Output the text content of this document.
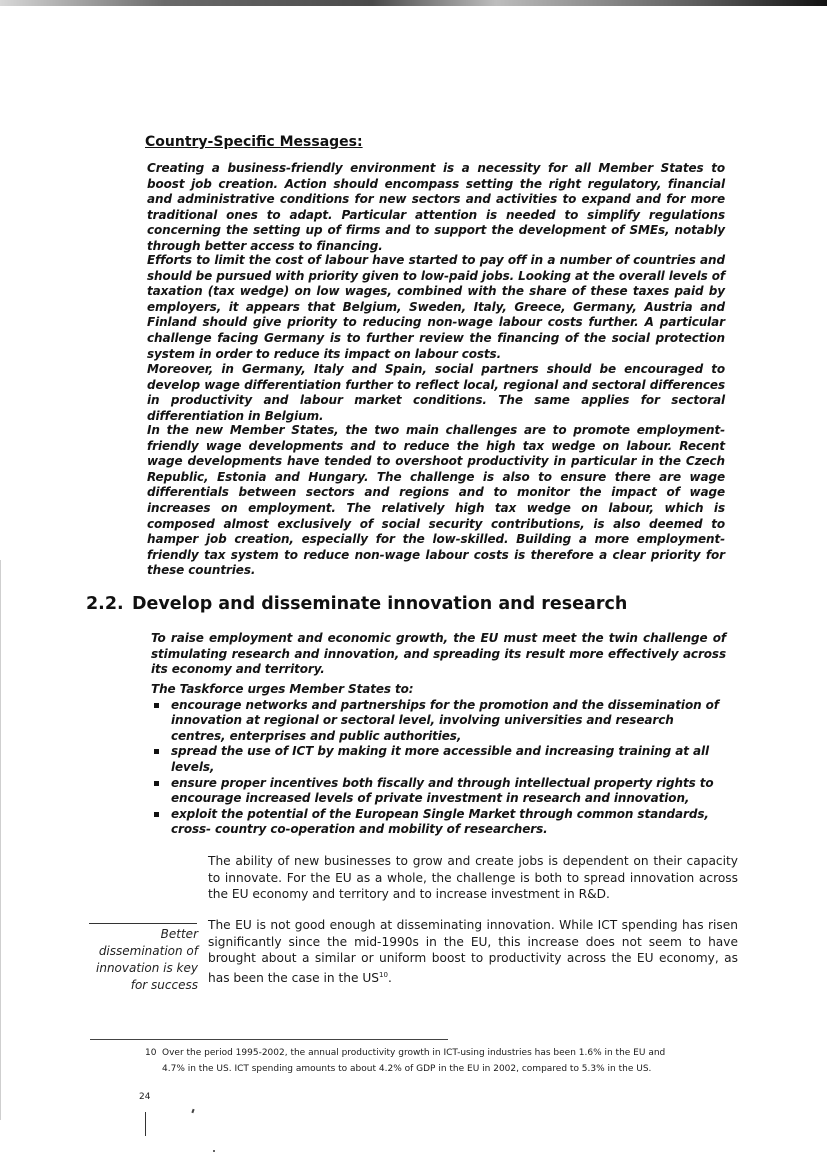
Country-Specific Messages:

Creating a business-friendly environment is a necessity for all Member States to boost job creation. Action should encompass setting the right regulatory, financial and administrative conditions for new sectors and activities to expand and for more traditional ones to adapt. Particular attention is needed to simplify regulations concerning the setting up of firms and to support the development of SMEs, notably through better access to financing.

Efforts to limit the cost of labour have started to pay off in a number of countries and should be pursued with priority given to low-paid jobs. Looking at the overall levels of taxation (tax wedge) on low wages, combined with the share of these taxes paid by employers, it appears that Belgium, Sweden, Italy, Greece, Germany, Austria and Finland should give priority to reducing non-wage labour costs further. A particular challenge facing Germany is to further review the financing of the social protection system in order to reduce its impact on labour costs.

Moreover, in Germany, Italy and Spain, social partners should be encouraged to develop wage differentiation further to reflect local, regional and sectoral differences in productivity and labour market conditions. The same applies for sectoral differentiation in Belgium.

In the new Member States, the two main challenges are to promote employment-friendly wage developments and to reduce the high tax wedge on labour. Recent wage developments have tended to overshoot productivity in particular in the Czech Republic, Estonia and Hungary. The challenge is also to ensure there are wage differentials between sectors and regions and to monitor the impact of wage increases on employment. The relatively high tax wedge on labour, which is composed almost exclusively of social security contributions, is also deemed to hamper job creation, especially for the low-skilled. Building a more employment-friendly tax system to reduce non-wage labour costs is therefore a clear priority for these countries.

2.2. Develop and disseminate innovation and research

To raise employment and economic growth, the EU must meet the twin challenge of stimulating research and innovation, and spreading its result more effectively across its economy and territory.

The Taskforce urges Member States to:

encourage networks and partnerships for the promotion and the dissemination of innovation at regional or sectoral level, involving universities and research centres, enterprises and public authorities,
spread the use of ICT by making it more accessible and increasing training at all levels,
ensure proper incentives both fiscally and through intellectual property rights to encourage increased levels of private investment in research and innovation,
exploit the potential of the European Single Market through common standards, cross- country co-operation and mobility of researchers.

The ability of new businesses to grow and create jobs is dependent on their capacity to innovate. For the EU as a whole, the challenge is both to spread innovation across the EU economy and territory and to increase investment in R&D.

Better
dissemination of
innovation is key
for success

The EU is not good enough at disseminating innovation. While ICT spending has risen significantly since the mid-1990s in the EU, this increase does not seem to have brought about a similar or uniform boost to productivity across the EU economy, as has been the case in the US$^{10}$.

10 Over the period 1995-2002, the annual productivity growth in ICT-using industries has been 1.6% in the EU and
4.7% in the US. ICT spending amounts to about 4.2% of GDP in the EU in 2002, compared to 5.3% in the US.

24
